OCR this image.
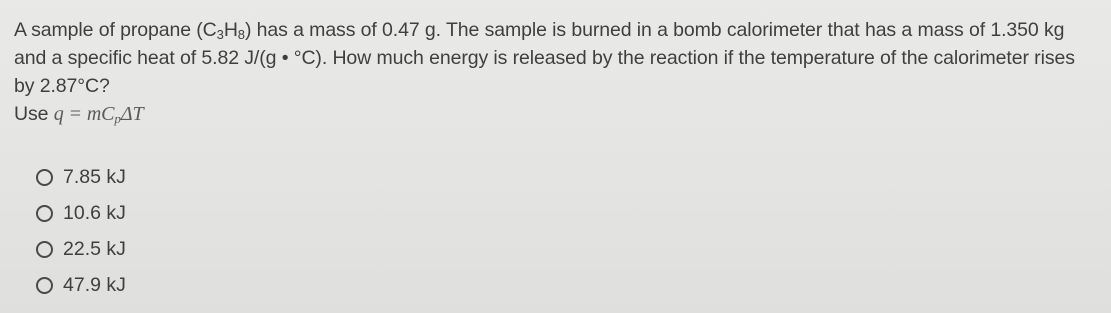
A sample of propane $(C_3H_8)$ has a mass of 0.47 g. The sample is burned in a bomb calorimeter that has a mass of 1.350 kg and a specific heat of 5.82 J/(g • °C). How much energy is released by the reaction if the temperature of the calorimeter rises by 2.87°C?

Use $q = mC_p\Delta T$

7.85 kJ
10.6 kJ
22.5 kJ
47.9 kJ
